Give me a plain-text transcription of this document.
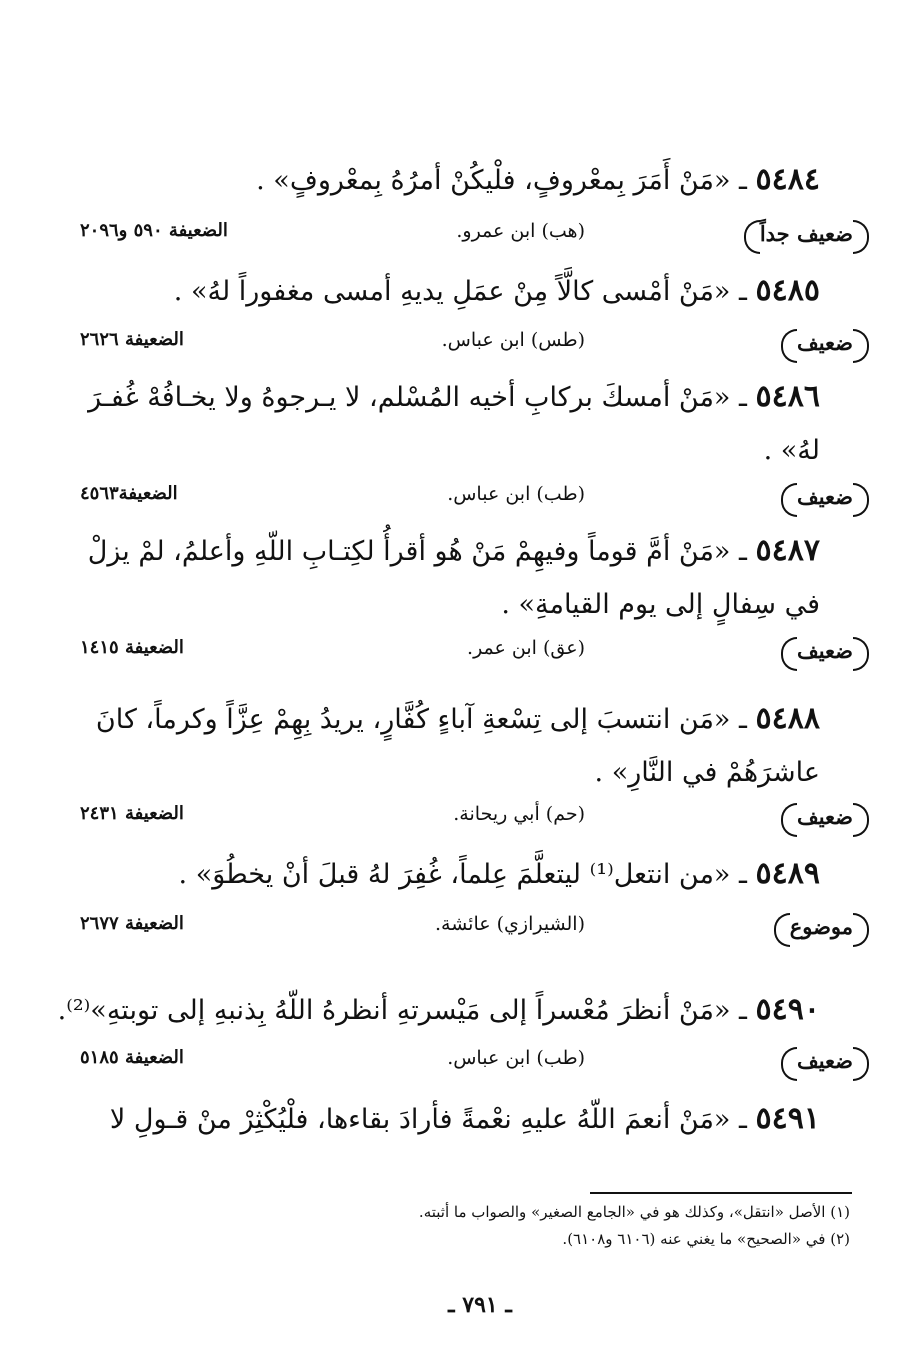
٥٤٨٤ ـ «مَنْ أَمَرَ بِمعْروفٍ، فلْيكُنْ أمرُهُ بِمعْروفٍ» .
ضعيف جداً
(هب) ابن عمرو.
الضعيفة ٥٩٠ و٢٠٩٦
٥٤٨٥ ـ «مَنْ أمْسى كالَّاً مِنْ عمَلِ يديهِ أمسى مغفوراً لهُ» .
ضعيف
(طس) ابن عباس.
الضعيفة ٢٦٢٦
٥٤٨٦ ـ «مَنْ أمسكَ بركابِ أخيه المُسْلم، لا يـرجوهُ ولا يخـافُهْ غُفـرَ
لهُ» .
ضعيف
(طب) ابن عباس.
الضعيفة٤٥٦٣
٥٤٨٧ ـ «مَنْ أمَّ قوماً وفيهِمْ مَنْ هُو أقرأُ لكِتـابِ اللّهِ وأعلمُ، لمْ يزلْ
في سِفالٍ إلى يوم القيامةِ» .
ضعيف
(عق) ابن عمر.
الضعيفة ١٤١٥
٥٤٨٨ ـ «مَن انتسبَ إلى تِسْعةِ آباءٍ كُفَّارٍ، يريدُ بِهِمْ عِزَّاً وكرماً، كانَ
عاشرَهُمْ في النَّارِ» .
ضعيف
(حم) أبي ريحانة.
الضعيفة ٢٤٣١
٥٤٨٩ ـ «من انتعل⁽¹⁾ ليتعلَّمَ عِلماً، غُفِرَ لهُ قبلَ أنْ يخطُوَ» .
موضوع
(الشيرازي) عائشة.
الضعيفة ٢٦٧٧
٥٤٩٠ ـ «مَنْ أنظرَ مُعْسراً إلى مَيْسرتهِ أنظرهُ اللّهُ بِذنبهِ إلى توبتهِ»⁽²⁾.
ضعيف
(طب) ابن عباس.
الضعيفة ٥١٨٥
٥٤٩١ ـ «مَنْ أنعمَ اللّهُ عليهِ نعْمةً فأرادَ بقاءها، فلْيُكْثِرْ منْ قـولِ لا
(١) الأصل «انتقل»، وكذلك هو في «الجامع الصغير» والصواب ما أثبته.
(٢) في «الصحيح» ما يغني عنه (٦١٠٦ و٦١٠٨).
ـ ٧٩١ ـ
